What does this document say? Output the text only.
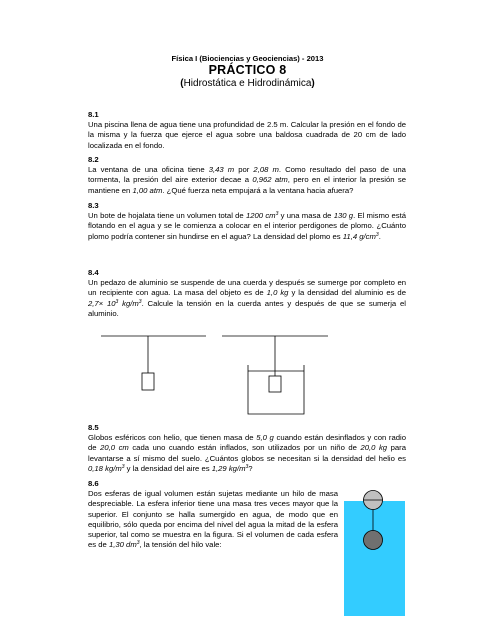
Física I (Biociencias y Geociencias) - 2013
PRÁCTICO 8
(Hidrostática e Hidrodinámica)
8.1
Una piscina llena de agua tiene una profundidad de 2.5 m. Calcular la presión en el fondo de la misma y la fuerza que ejerce el agua sobre una baldosa cuadrada de 20 cm de lado localizada en el fondo.
8.2
La ventana de una oficina tiene 3,43 m por 2,08 m. Como resultado del paso de una tormenta, la presión del aire exterior decae a 0,962 atm, pero en el interior la presión se mantiene en 1,00 atm. ¿Qué fuerza neta empujará a la ventana hacia afuera?
8.3
Un bote de hojalata tiene un volumen total de 1200 $cm^3$ y una masa de 130 g. El mismo está flotando en el agua y se le comienza a colocar en el interior perdigones de plomo. ¿Cuánto plomo podría contener sin hundirse en el agua? La densidad del plomo es 11,4 $g/cm^3$.
8.4
Un pedazo de aluminio se suspende de una cuerda y después se sumerge por completo en un recipiente con agua. La masa del objeto es de 1,0 kg y la densidad del aluminio es de $2,7\times 10^3$ $kg/m^3$. Calcule la tensión en la cuerda antes y después de que se sumerja el aluminio.
8.5
Globos esféricos con helio, que tienen masa de 5,0 g cuando están desinflados y con radio de 20,0 cm cada uno cuando están inflados, son utilizados por un niño de 20,0 kg para levantarse a sí mismo del suelo. ¿Cuántos globos se necesitan si la densidad del helio es 0,18 $kg/m^3$ y la densidad del aire es 1,29 $kg/m^3$?
8.6
Dos esferas de igual volumen están sujetas mediante un hilo de masa despreciable. La esfera inferior tiene una masa tres veces mayor que la superior. El conjunto se halla sumergido en agua, de modo que en equilibrio, sólo queda por encima del nivel del agua la mitad de la esfera superior, tal como se muestra en la figura. Si el volumen de cada esfera es de 1,30 $dm^3$, la tensión del hilo vale:
